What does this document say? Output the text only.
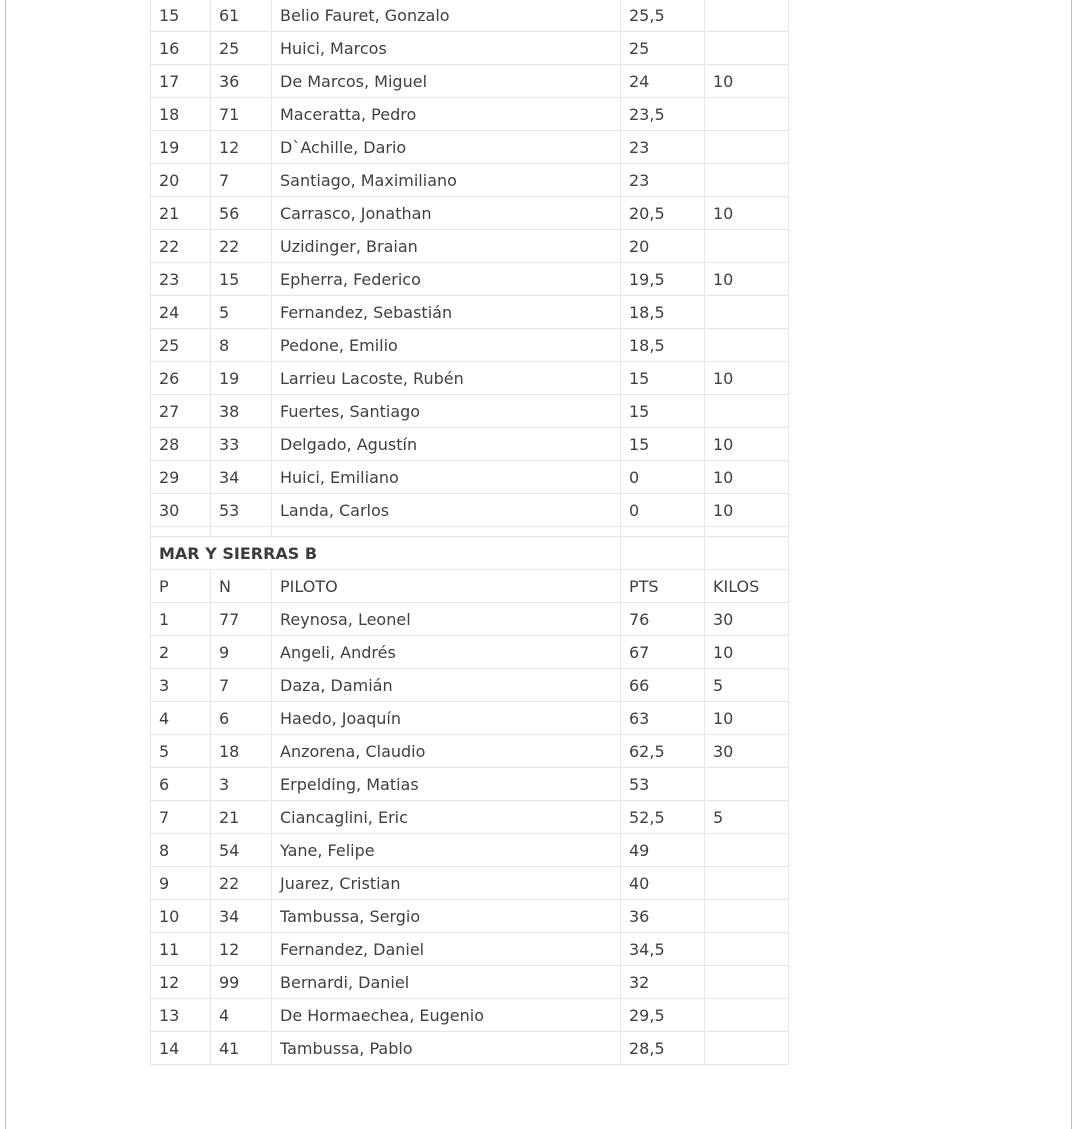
15	61	Belio Fauret, Gonzalo	25,5	
16	25	Huici, Marcos	25	
17	36	De Marcos, Miguel	24	10
18	71	Maceratta, Pedro	23,5	
19	12	D`Achille, Dario	23	
20	7	Santiago, Maximiliano	23	
21	56	Carrasco, Jonathan	20,5	10
22	22	Uzidinger, Braian	20	
23	15	Epherra, Federico	19,5	10
24	5	Fernandez, Sebastián	18,5	
25	8	Pedone, Emilio	18,5	
26	19	Larrieu Lacoste, Rubén	15	10
27	38	Fuertes, Santiago	15	
28	33	Delgado, Agustín	15	10
29	34	Huici, Emiliano	0	10
30	53	Landa, Carlos	0	10

MAR Y SIERRAS B				
P	N	PILOTO	PTS	KILOS
1	77	Reynosa, Leonel	76	30
2	9	Angeli, Andrés	67	10
3	7	Daza, Damián	66	5
4	6	Haedo, Joaquín	63	10
5	18	Anzorena, Claudio	62,5	30
6	3	Erpelding, Matias	53	
7	21	Ciancaglini, Eric	52,5	5
8	54	Yane, Felipe	49	
9	22	Juarez, Cristian	40	
10	34	Tambussa, Sergio	36	
11	12	Fernandez, Daniel	34,5	
12	99	Bernardi, Daniel	32	
13	4	De Hormaechea, Eugenio	29,5	
14	41	Tambussa, Pablo	28,5	
